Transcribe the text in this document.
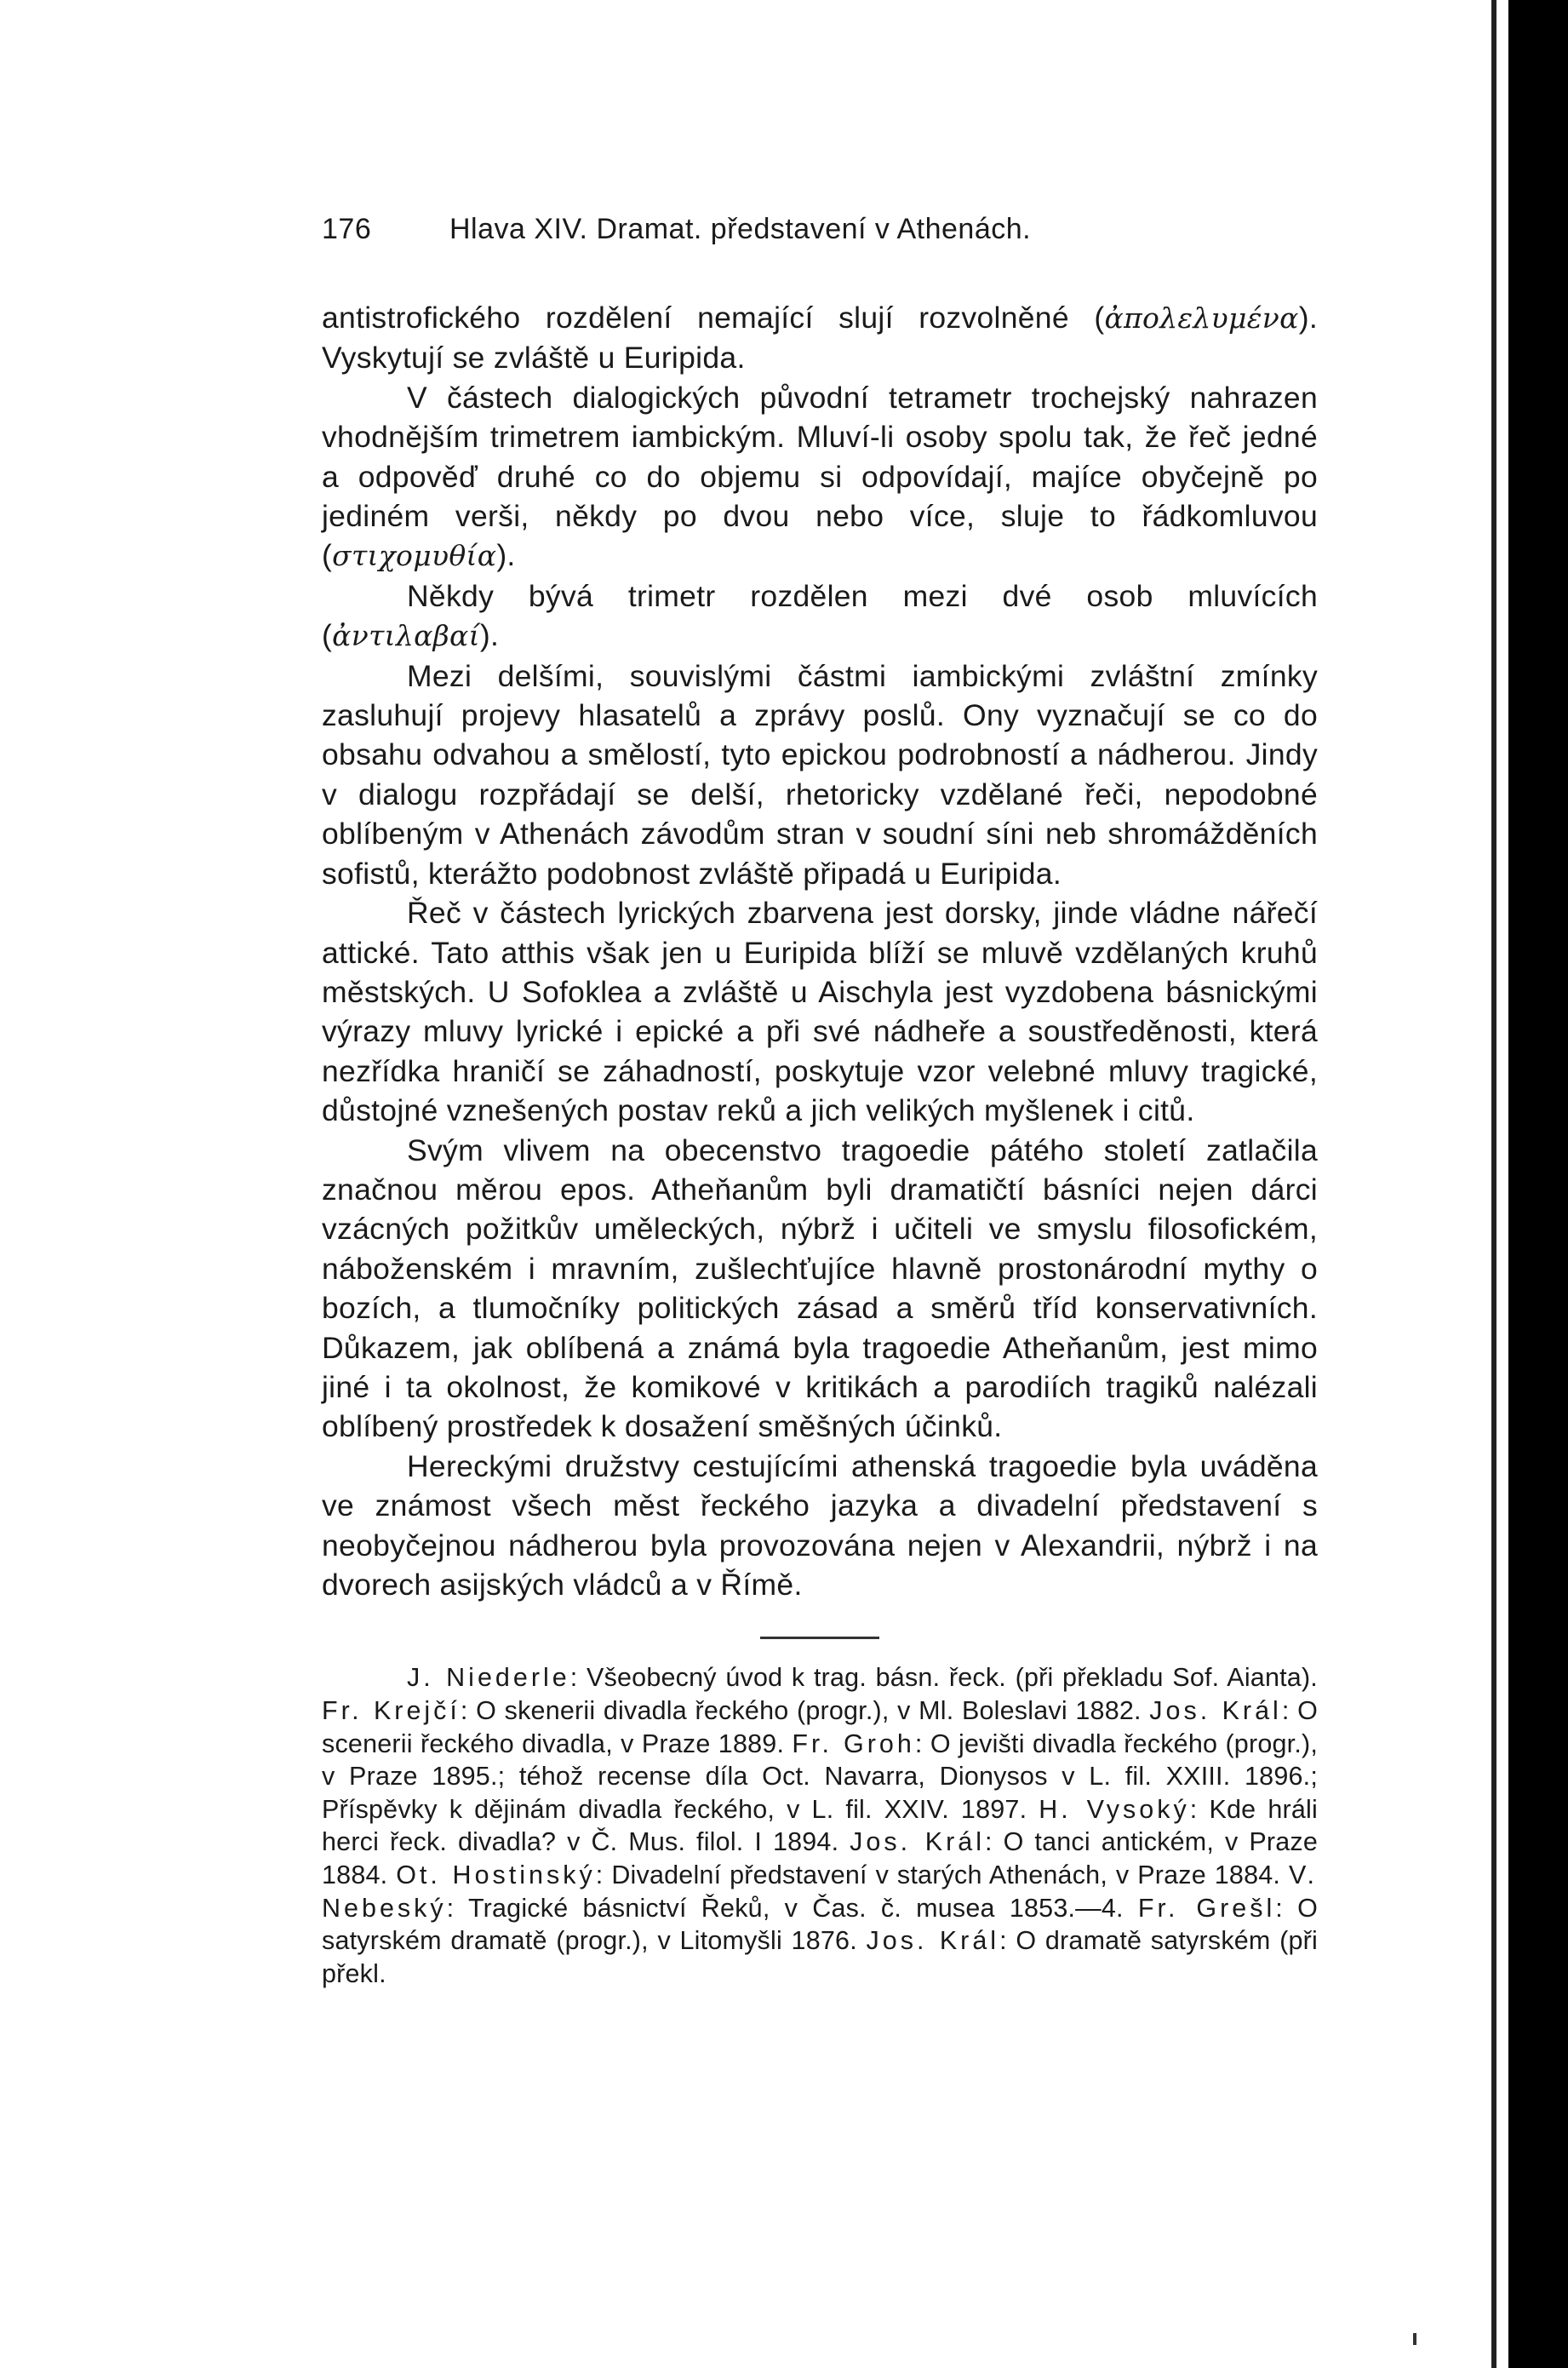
176	Hlava XIV. Dramat. představení v Athenách.

antistrofického rozdělení nemající slují rozvolněné (ἀπολελυμένα). Vyskytují se zvláště u Euripida.

V částech dialogických původní tetrametr trochejský nahrazen vhodnějším trimetrem iambickým. Mluví-li osoby spolu tak, že řeč jedné a odpověď druhé co do objemu si odpovídají, majíce obyčejně po jediném verši, někdy po dvou nebo více, sluje to řádkomluvou (στιχομυθία).

Někdy bývá trimetr rozdělen mezi dvé osob mluvících (ἀντιλαβαί).

Mezi delšími, souvislými částmi iambickými zvláštní zmínky zasluhují projevy hlasatelů a zprávy poslů. Ony vyznačují se co do obsahu odvahou a smělostí, tyto epickou podrobností a nádherou. Jindy v dialogu rozpřádají se delší, rhetoricky vzdělané řeči, nepodobné oblíbeným v Athenách závodům stran v soudní síni neb shromážděních sofistů, kterážto podobnost zvláště připadá u Euripida.

Řeč v částech lyrických zbarvena jest dorsky, jinde vládne nářečí attické. Tato atthis však jen u Euripida blíží se mluvě vzdělaných kruhů městských. U Sofoklea a zvláště u Aischyla jest vyzdobena básnickými výrazy mluvy lyrické i epické a při své nádheře a soustředěnosti, která nezřídka hraničí se záhadností, poskytuje vzor velebné mluvy tragické, důstojné vznešených postav reků a jich velikých myšlenek i citů.

Svým vlivem na obecenstvo tragoedie pátého století zatlačila značnou měrou epos. Atheňanům byli dramatičtí básníci nejen dárci vzácných požitkův uměleckých, nýbrž i učiteli ve smyslu filosofickém, náboženském i mravním, zušlechťujíce hlavně prostonárodní mythy o bozích, a tlumočníky politických zásad a směrů tříd konservativních. Důkazem, jak oblíbená a známá byla tragoedie Atheňanům, jest mimo jiné i ta okolnost, že komikové v kritikách a parodiích tragiků nalézali oblíbený prostředek k dosažení směšných účinků.

Hereckými družstvy cestujícími athenská tragoedie byla uváděna ve známost všech měst řeckého jazyka a divadelní představení s neobyčejnou nádherou byla provozována nejen v Alexandrii, nýbrž i na dvorech asijských vládců a v Římě.

J. Niederle: Všeobecný úvod k trag. básn. řeck. (při překladu Sof. Aianta). Fr. Krejčí: O skenerii divadla řeckého (progr.), v Ml. Boleslavi 1882. Jos. Král: O scenerii řeckého divadla, v Praze 1889. Fr. Groh: O jevišti divadla řeckého (progr.), v Praze 1895.; téhož recense díla Oct. Navarra, Dionysos v L. fil. XXIII. 1896.; Příspěvky k dějinám divadla řeckého, v L. fil. XXIV. 1897. H. Vysoký: Kde hráli herci řeck. divadla? v Č. Mus. filol. I 1894. Jos. Král: O tanci antickém, v Praze 1884. Ot. Hostinský: Divadelní představení v starých Athenách, v Praze 1884. V. Nebeský: Tragické básnictví Řeků, v Čas. č. musea 1853.—4. Fr. Grešl: O satyrském dramatě (progr.), v Litomyšli 1876. Jos. Král: O dramatě satyrském (při překl.
